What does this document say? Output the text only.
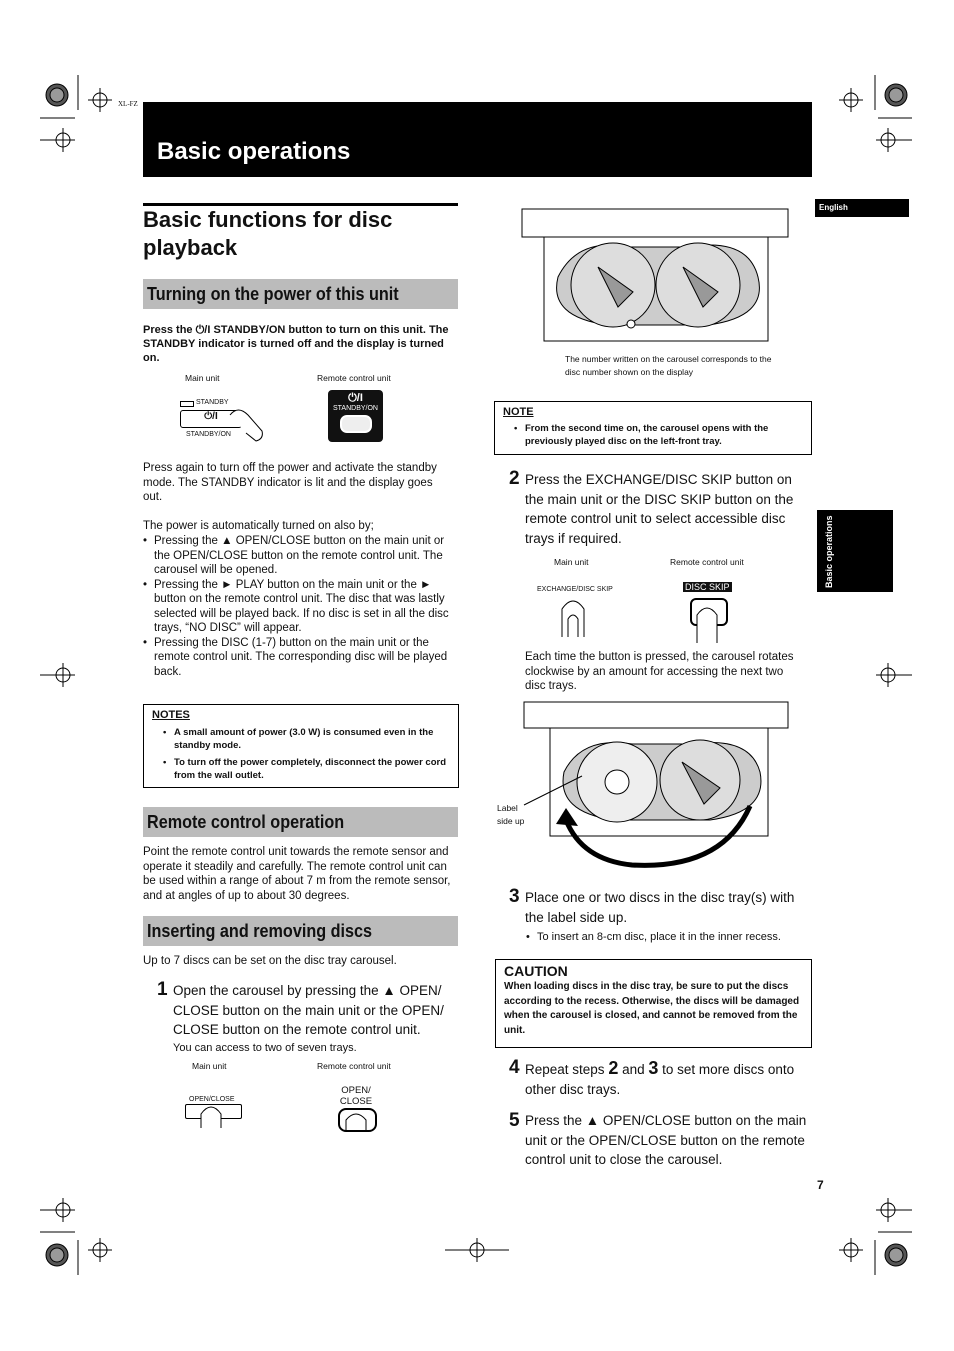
XL-FZ
Basic operations
English
Basic operations
Basic functions for disc playback
Turning on the power of this unit
Press the ⏻/I STANDBY/ON button to turn on this unit. The STANDBY indicator is turned off and the display is turned on.
Main unit	Remote control unit
STANDBY
⏻/I
STANDBY/ON
⏻/I
STANDBY/ON
Press again to turn off the power and activate the standby mode. The STANDBY indicator is lit and the display goes out.
The power is automatically turned on also by;
• Pressing the ▲ OPEN/CLOSE button on the main unit or the OPEN/CLOSE button on the remote control unit. The carousel will be opened.
• Pressing the ► PLAY button on the main unit or the ► button on the remote control unit. The disc that was lastly selected will be played back. If no disc is set in all the disc trays, “NO DISC” will appear.
• Pressing the DISC (1-7) button on the main unit or the remote control unit. The corresponding disc will be played back.
NOTES
• A small amount of power (3.0 W) is consumed even in the standby mode.
• To turn off the power completely, disconnect the power cord from the wall outlet.
Remote control operation
Point the remote control unit towards the remote sensor and operate it steadily and carefully. The remote control unit can be used within a range of about 7 m from the remote sensor, and at angles of up to about 30 degrees.
Inserting and removing discs
Up to 7 discs can be set on the disc tray carousel.
1 Open the carousel by pressing the ▲ OPEN/ CLOSE button on the main unit or the OPEN/ CLOSE button on the remote control unit.
You can access to two of seven trays.
Main unit	Remote control unit
OPEN/CLOSE
OPEN/ CLOSE
The number written on the carousel corresponds to the disc number shown on the display
NOTE
• From the second time on, the carousel opens with the previously played disc on the left-front tray.
2 Press the EXCHANGE/DISC SKIP button on the main unit or the DISC SKIP button on the remote control unit to select accessible disc trays if required.
Main unit	Remote control unit
EXCHANGE/DISC SKIP	DISC SKIP
Each time the button is pressed, the carousel rotates clockwise by an amount for accessing the next two disc trays.
Label side up
3 Place one or two discs in the disc tray(s) with the label side up.
• To insert an 8-cm disc, place it in the inner recess.
CAUTION
When loading discs in the disc tray, be sure to put the discs according to the recess. Otherwise, the discs will be damaged when the carousel is closed, and cannot be removed from the unit.
4 Repeat steps 2 and 3 to set more discs onto other disc trays.
5 Press the ▲ OPEN/CLOSE button on the main unit or the OPEN/CLOSE button on the remote control unit to close the carousel.
7
